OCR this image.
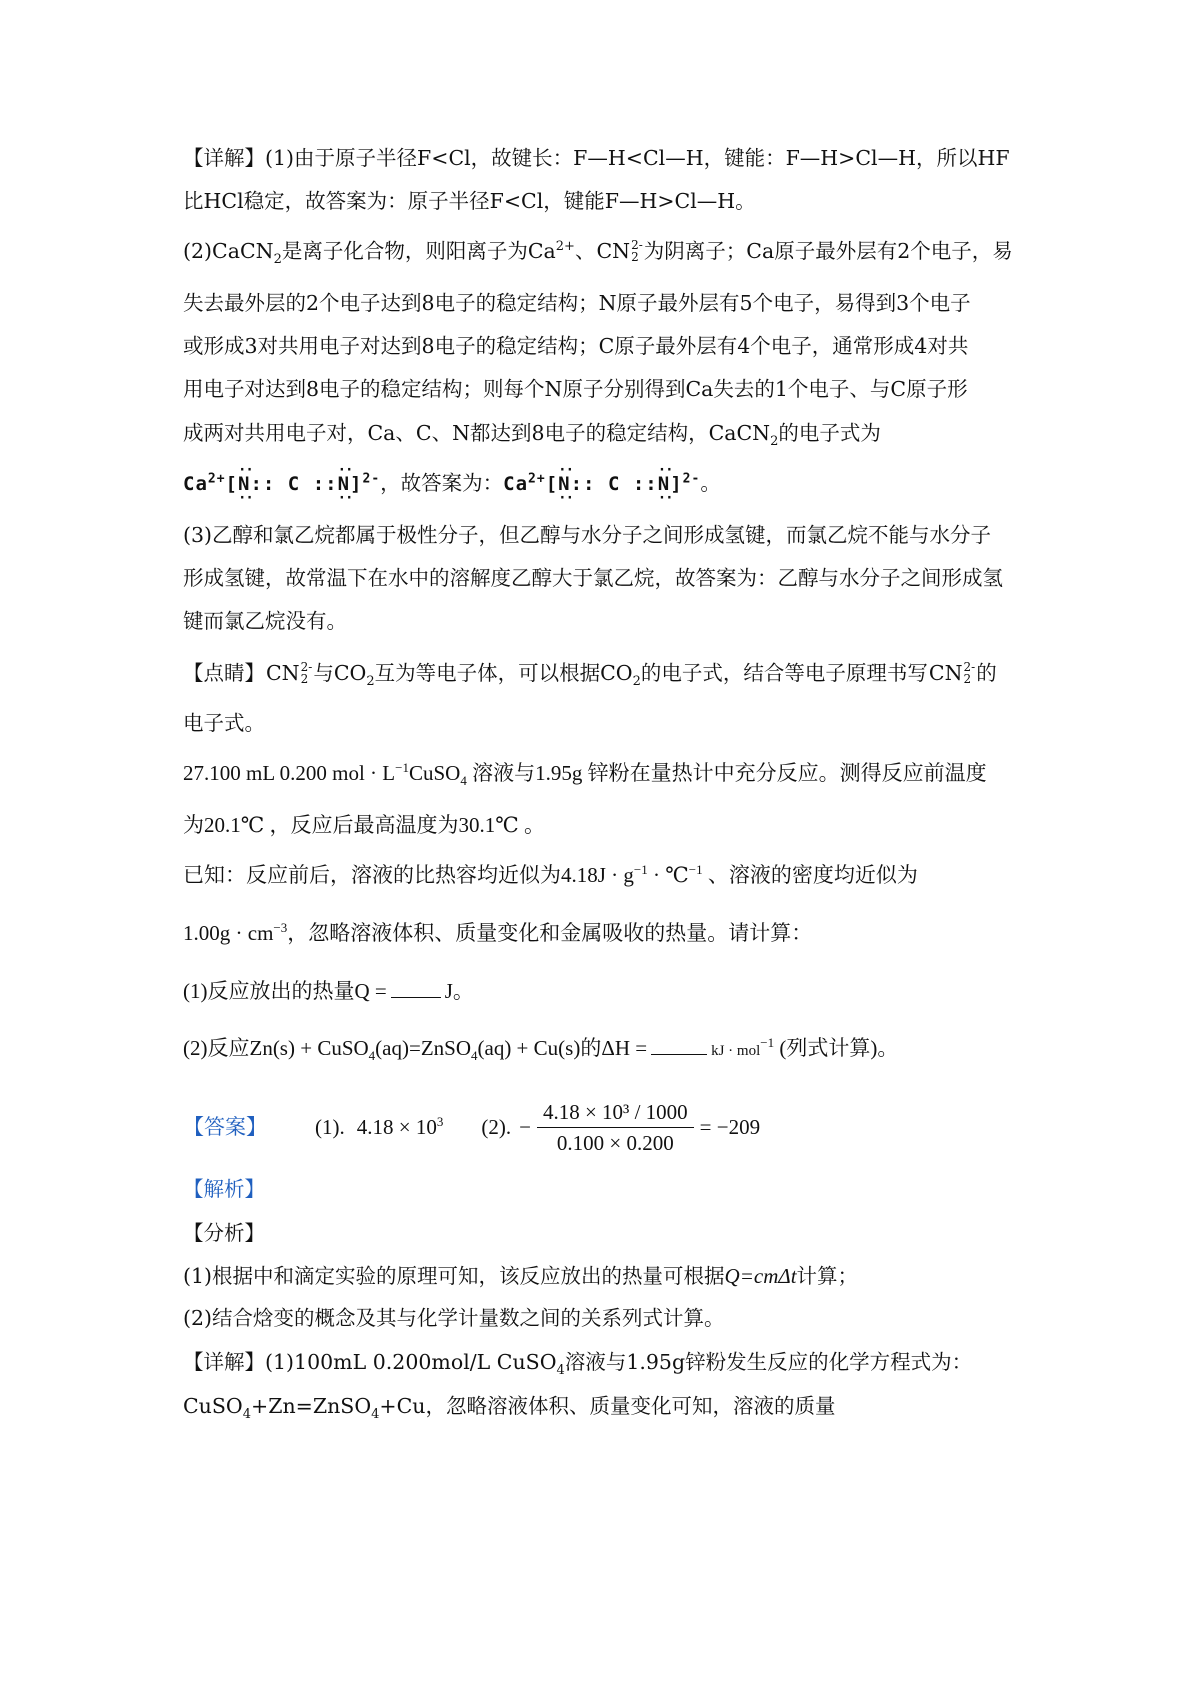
【详解】(1)由于原子半径F<Cl，故键长：F—H<Cl—H，键能：F—H>Cl—H，所以HF
比HCl稳定，故答案为：原子半径F<Cl，键能F—H>Cl—H。
(2)CaCN$_2$是离子化合物，则阳离子为$Ca^{2+}$、CN 2-
2 为阴离子；Ca原子最外层有2个电子，易
失去最外层的2个电子达到8电子的稳定结构；N原子最外层有5个电子，易得到3个电子
或形成3对共用电子对达到8电子的稳定结构；C原子最外层有4个电子，通常形成4对共
用电子对达到8电子的稳定结构；则每个N原子分别得到Ca失去的1个电子、与C原子形
成两对共用电子对，Ca、C、N都达到8电子的稳定结构，CaCN$_2$的电子式为
$Ca^{2+}[\cdot\cdot N$ ··:: C ::·· N ··]$^{2-}$，故答案为：$Ca^{2+}[\cdot\cdot N$ ··:: C ::·· N ··]$^{2-}$。
(3)乙醇和氯乙烷都属于极性分子，但乙醇与水分子之间形成氢键，而氯乙烷不能与水分子
形成氢键，故常温下在水中的溶解度乙醇大于氯乙烷，故答案为：乙醇与水分子之间形成氢
键而氯乙烷没有。
【点睛】CN 2-
2 与$CO_2$互为等电子体，可以根据$CO_2$的电子式，结合等电子原理书写CN 2-
2 的
电子式。
27.100 mL 0.200 mol · $L^{-1}CuSO_4$ 溶液与1.95g 锌粉在量热计中充分反应。测得反应前温度
为20.1℃ ，反应后最高温度为30.1℃ 。
已知：反应前后，溶液的比热容均近似为$4.18J \cdot g^{-1}$ · ℃$^{-1}$ 、溶液的密度均近似为
$1.00g \cdot cm^{-3}$，忽略溶液体积、质量变化和金属吸收的热量。请计算：
(1)反应放出的热量Q =	J。
(2)反应Zn(s) + CuSO$_4$(aq)=ZnSO$_4$(aq) + Cu(s)的ΔH =	kJ · mol$^{-1}$ (列式计算)。
【答案】 (1). $4.18 \times 10^3$ (2). − $\frac{\text{4.18 × 10³ / 1000}}{0.100 \times 0.200} = -209$
【解析】
【分析】
(1)根据中和滴定实验的原理可知，该反应放出的热量可根据Q=cmΔt计算；
(2)结合焓变的概念及其与化学计量数之间的关系列式计算。
【详解】(1)100mL 0.200mol/L CuSO$_4$溶液与1.95g锌粉发生反应的化学方程式为：
CuSO$_4$+Zn=ZnSO$_4$+Cu，忽略溶液体积、质量变化可知，溶液的质量
